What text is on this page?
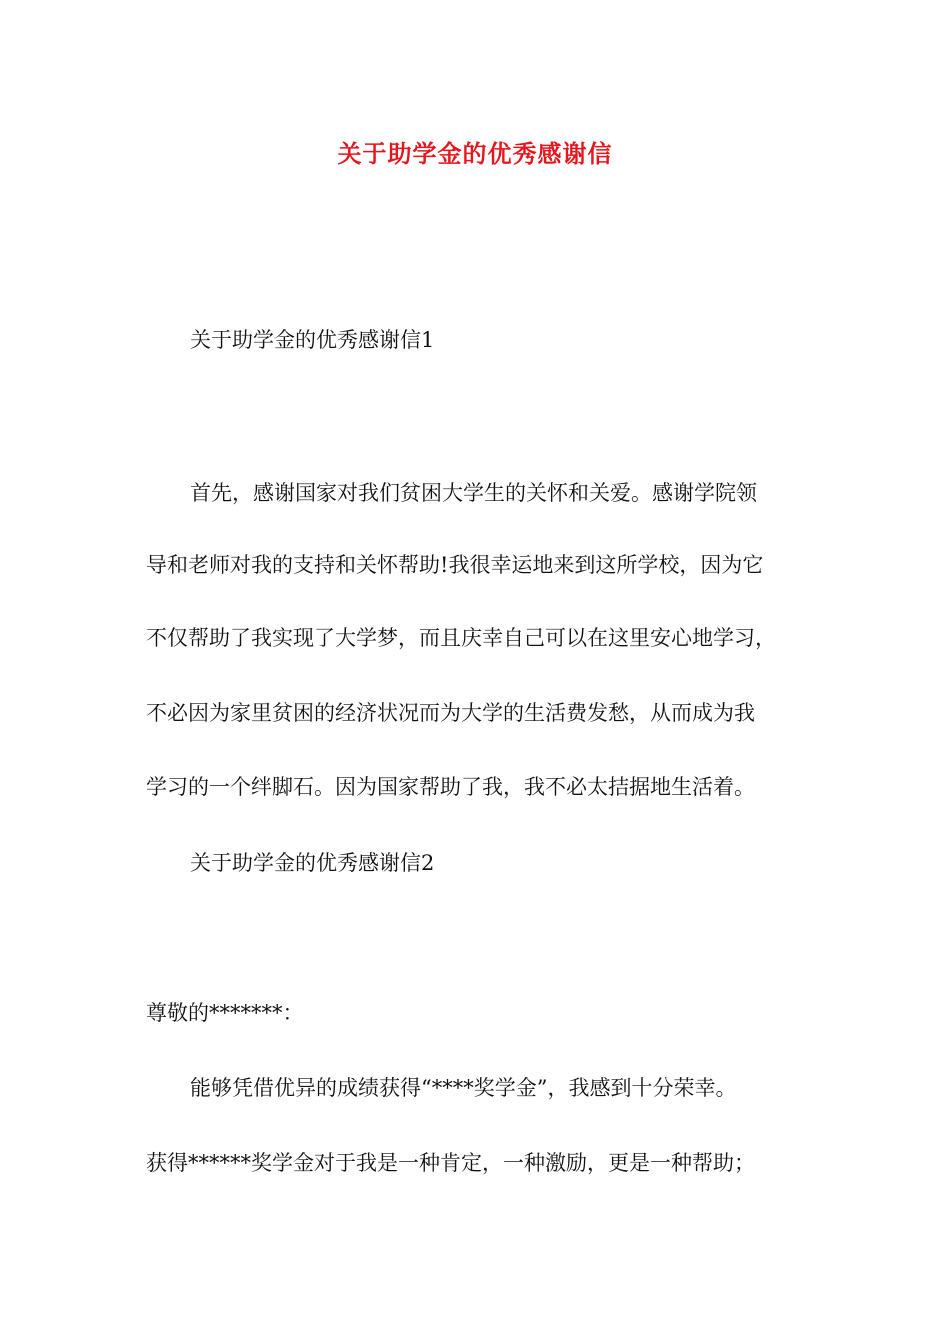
关于助学金的优秀感谢信
关于助学金的优秀感谢信1
首先，感谢国家对我们贫困大学生的关怀和关爱。感谢学院领
导和老师对我的支持和关怀帮助!我很幸运地来到这所学校，因为它
不仅帮助了我实现了大学梦，而且庆幸自己可以在这里安心地学习，
不必因为家里贫困的经济状况而为大学的生活费发愁，从而成为我
学习的一个绊脚石。因为国家帮助了我，我不必太拮据地生活着。
关于助学金的优秀感谢信2
尊敬的*******：
能够凭借优异的成绩获得“****奖学金”，我感到十分荣幸。
获得******奖学金对于我是一种肯定，一种激励，更是一种帮助；
